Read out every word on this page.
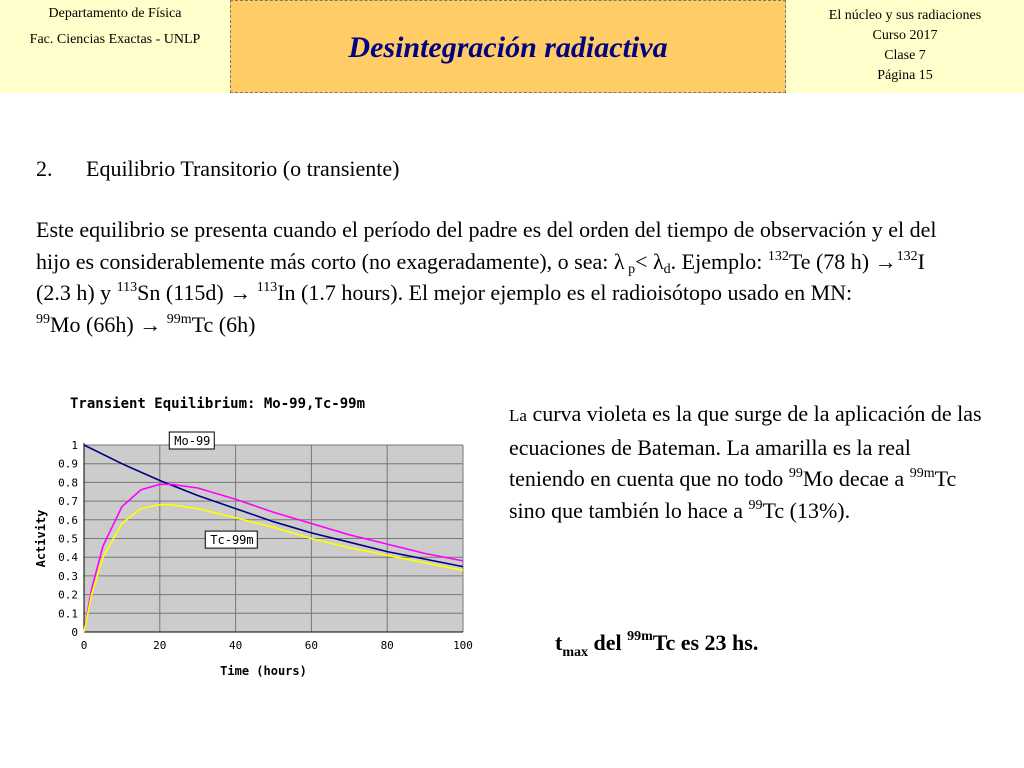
Departamento de Física
Fac. Ciencias Exactas - UNLP	Desintegración radiactiva
El núcleo y sus radiaciones
Curso 2017
Clase 7
Página 15
2. Equilibrio Transitorio (o transiente)
Este equilibrio se presenta cuando el período del padre es del orden del tiempo de observación y el del hijo es considerablemente más corto (no exageradamente), o sea: λ $_p< \lambda_d$. Ejemplo: $^{132}$Te (78 h) →$^{132}$I (2.3 h) y $^{113}$Sn (115d) → $^{113}$In (1.7 hours). El mejor ejemplo es el radioisótopo usado en MN:
$^{99}$Mo (66h) → $^{99m}$Tc (6h)
Transient Equilibrium: Mo-99,Tc-99m
0
0.1
0.2
0.3
0.4
0.5
0.6
0.7
0.8
0.9
1
0	20	40	60	80	100
Mo-99
Tc-99m
Time (hours)
Activity
La curva violeta es la que surge de la aplicación de las ecuaciones de Bateman. La amarilla es la real teniendo en cuenta que no todo $^{99}$Mo decae a $^{99m}$Tc sino que también lo hace a $^{99}$Tc (13%).
$t_{max}$ del $^{99m}$Tc es 23 hs.
